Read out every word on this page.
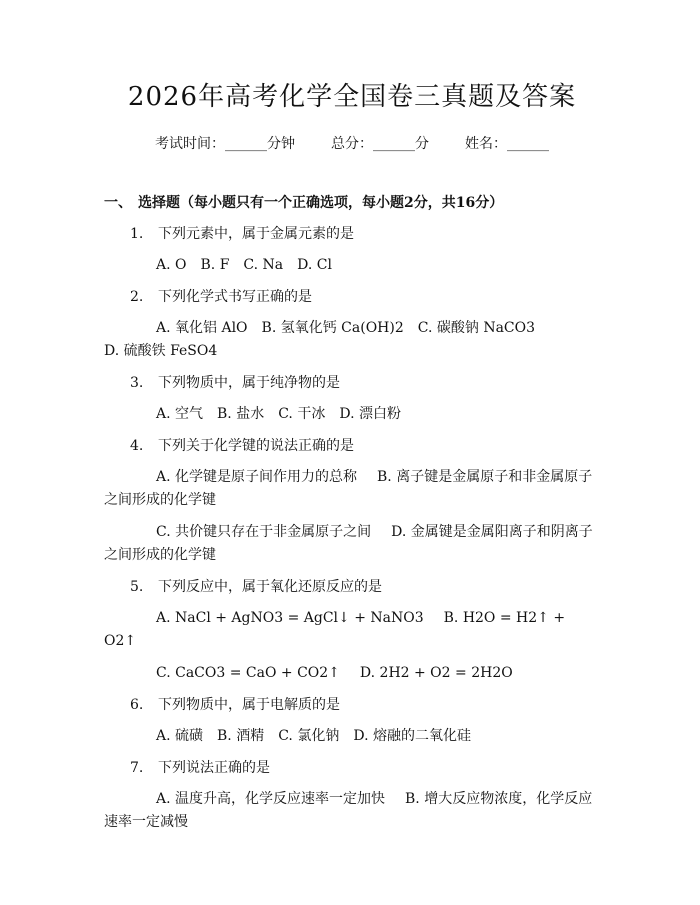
2026年高考化学全国卷三真题及答案
考试时间：______分钟	总分：______分	姓名：______
一、 选择题（每小题只有一个正确选项，每小题2分，共16分）
1. 下列元素中，属于金属元素的是
A. O B. F C. Na D. Cl
2. 下列化学式书写正确的是
A. 氧化铝 AlO B. 氢氧化钙 Ca(OH)2 C. 碳酸钠 NaCO3D. 硫酸铁 FeSO4
3. 下列物质中，属于纯净物的是
A. 空气 B. 盐水 C. 干冰 D. 漂白粉
4. 下列关于化学键的说法正确的是
A. 化学键是原子间作用力的总称 B. 离子键是金属原子和非金属原子之间形成的化学键
C. 共价键只存在于非金属原子之间 D. 金属键是金属阳离子和阴离子之间形成的化学键
5. 下列反应中，属于氧化还原反应的是
A. NaCl + AgNO3 = AgCl↓ + NaNO3 B. H2O = H2↑ + O2↑
C. CaCO3 = CaO + CO2↑ D. 2H2 + O2 = 2H2O
6. 下列物质中，属于电解质的是
A. 硫磺 B. 酒精 C. 氯化钠 D. 熔融的二氧化硅
7. 下列说法正确的是
A. 温度升高，化学反应速率一定加快 B. 增大反应物浓度，化学反应速率一定减慢
